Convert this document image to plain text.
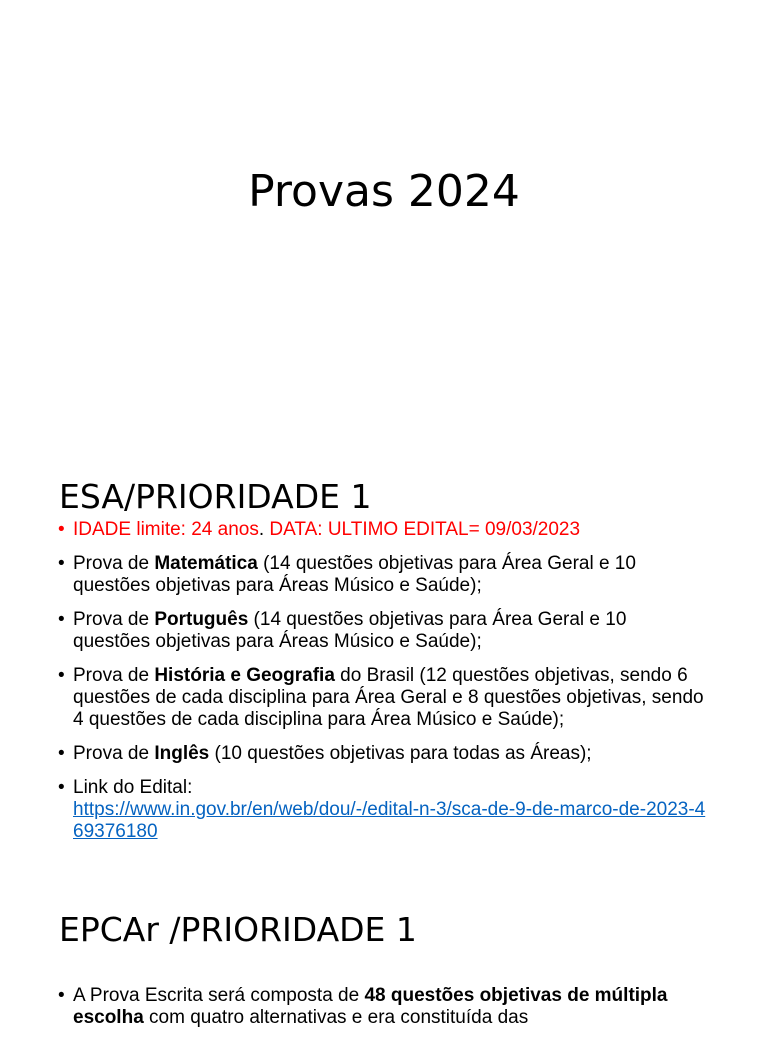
Provas 2024
ESA/PRIORIDADE 1
• IDADE limite: 24 anos. DATA: ULTIMO EDITAL= 09/03/2023
• Prova de Matemática (14 questões objetivas para Área Geral e 10 questões objetivas para Áreas Músico e Saúde);
• Prova de Português (14 questões objetivas para Área Geral e 10 questões objetivas para Áreas Músico e Saúde);
• Prova de História e Geografia do Brasil (12 questões objetivas, sendo 6 questões de cada disciplina para Área Geral e 8 questões objetivas, sendo 4 questões de cada disciplina para Área Músico e Saúde);
• Prova de Inglês (10 questões objetivas para todas as Áreas);
• Link do Edital:
https://www.in.gov.br/en/web/dou/-/edital-n-3/sca-de-9-de-marco-de-2023-469376180
EPCAr /PRIORIDADE 1
• A Prova Escrita será composta de 48 questões objetivas de múltipla escolha com quatro alternativas e era constituída das
